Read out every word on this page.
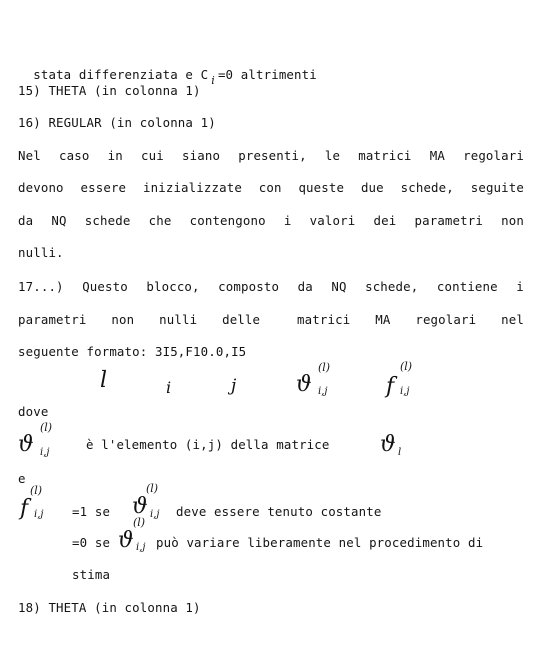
stata differenziata e C i =0 altrimenti

15) THETA (in colonna 1)
16) REGULAR (in colonna 1)
Nel caso in cui siano presenti, le matrici MA regolari
devono essere inizializzate con queste due schede, seguite
da NQ schede che contengono i valori dei parametri non
nulli.
17...) Questo blocco, composto da NQ schede, contiene i
parametri non nulli delle	matrici MA regolari nel
seguente formato: 3I5,F10.0,I5
l	i	j	ϑ
(l)
i,j	f
(l)
i,j
dove
ϑ
(l)
i,j
è l'elemento (i,j) della matrice ϑ l
e
f
(l)
i,j =1 se ϑ
(l)
i,j deve essere tenuto costante
=0 se ϑ
(l)
i,j può variare liberamente nel procedimento di
stima
18) THETA (in colonna 1)
